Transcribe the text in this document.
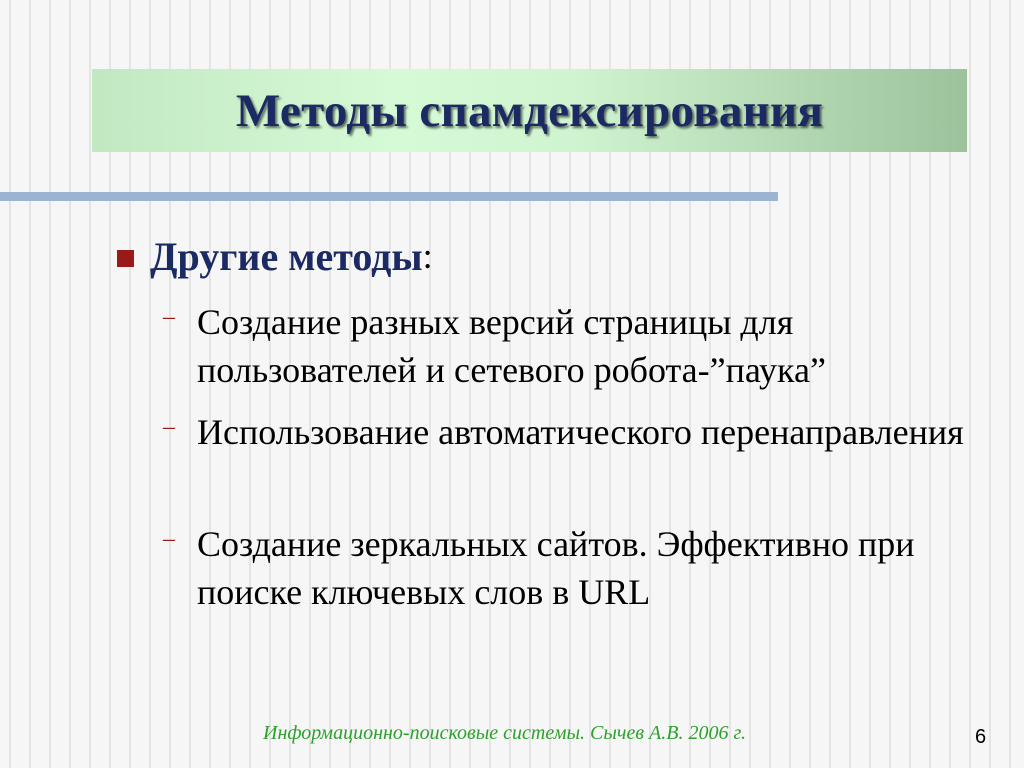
Методы спамдексирования
Другие методы :
– Создание разных версий страницы для пользователей и сетевого робота-”паука”
– Использование автоматического перенаправления
– Создание зеркальных сайтов. Эффективно при поиске ключевых слов в URL
Информационно-поисковые системы. Сычев А.В. 2006 г.	6
